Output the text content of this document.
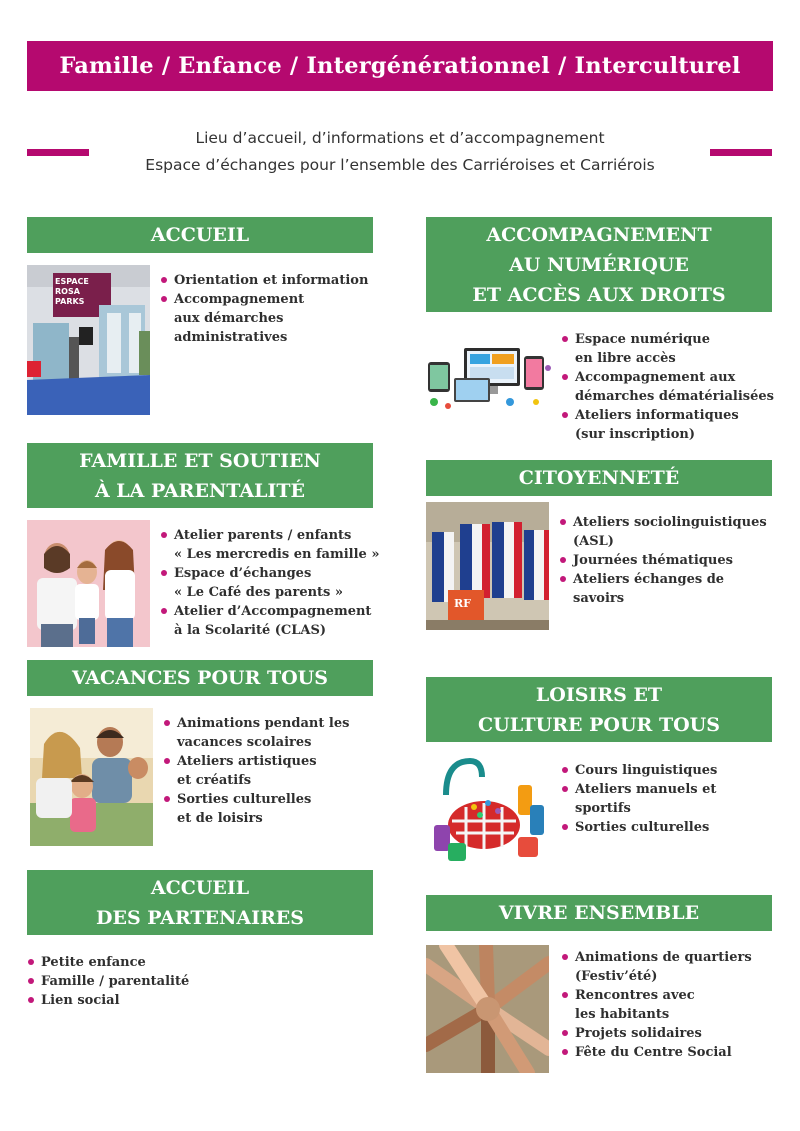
Famille / Enfance / Intergénérationnel / Interculturel
Lieu d’accueil, d’informations et d’accompagnement
Espace d’échanges pour l’ensemble des Carriéroises et Carriérois
ACCUEIL
ESPACE
ROSA PARKS
Orientation et information
Accompagnement
aux démarches
administratives
FAMILLE ET SOUTIEN
À LA PARENTALITÉ
Atelier parents / enfants
« Les mercredis en famille »
Espace d’échanges
« Le Café des parents »
Atelier d’Accompagnement
à la Scolarité (CLAS)
VACANCES POUR TOUS
Animations pendant les
vacances scolaires
Ateliers artistiques
et créatifs
Sorties culturelles
et de loisirs
ACCUEIL
DES PARTENAIRES
Petite enfance
Famille / parentalité
Lien social
ACCOMPAGNEMENT
AU NUMÉRIQUE
ET ACCÈS AUX DROITS
Espace numérique
en libre accès
Accompagnement aux
démarches dématérialisées
Ateliers informatiques
(sur inscription)
CITOYENNETÉ
RF
Ateliers sociolinguistiques
(ASL)
Journées thématiques
Ateliers échanges de
savoirs
LOISIRS ET
CULTURE POUR TOUS
Cours linguistiques
Ateliers manuels et
sportifs
Sorties culturelles
VIVRE ENSEMBLE
Animations de quartiers
(Festiv’été)
Rencontres avec
les habitants
Projets solidaires
Fête du Centre Social
